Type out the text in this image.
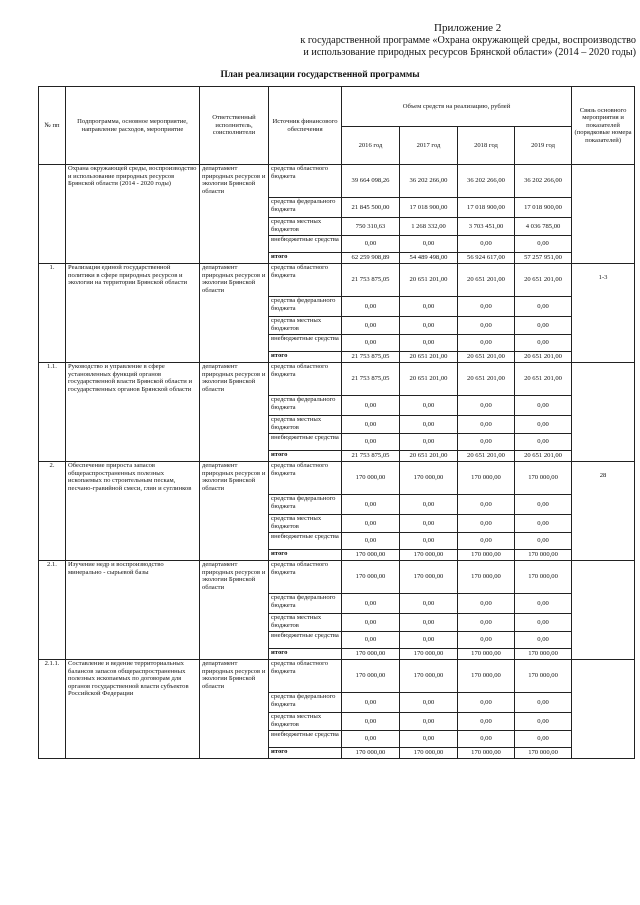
Приложение 2
к государственной программе «Охрана окружающей среды, воспроизводство
и использование природных ресурсов Брянской области» (2014 – 2020 годы)
План реализации государственной программы
№ пп	Подпрограмма, основное мероприятие, направление расходов, мероприятие	Ответственный исполнитель, соисполнители	Источник финансового обеспечения	Объем средств на реализацию, рублей				Связь основного мероприятия и показателей (порядковые номера показателей)
				2016 год	2017 год	2018 год	2019 год	
	Охрана окружающей среды, воспроизводство и использование природных ресурсов Брянской области (2014 - 2020 годы)	департамент природных ресурсов и экологии Брянской области	средства областного бюджета	39 664 098,26	36 202 266,00	36 202 266,00	36 202 266,00	
			средства федерального бюджета	21 845 500,00	17 018 900,00	17 018 900,00	17 018 900,00	
			средства местных бюджетов	750 310,63	1 268 332,00	3 703 451,00	4 036 785,00	
			внебюджетные средства	0,00	0,00	0,00	0,00	
			итого	62 259 908,89	54 489 498,00	56 924 617,00	57 257 951,00	
1.	Реализация единой государственной политики в сфере природных ресурсов и экологии на территории Брянской области	департамент природных ресурсов и экологии Брянской области	средства областного бюджета	21 753 875,05	20 651 201,00	20 651 201,00	20 651 201,00	1-3
			средства федерального бюджета	0,00	0,00	0,00	0,00	
			средства местных бюджетов	0,00	0,00	0,00	0,00	
			внебюджетные средства	0,00	0,00	0,00	0,00	
			итого	21 753 875,05	20 651 201,00	20 651 201,00	20 651 201,00	
1.1.	Руководство и управление в сфере установленных функций органов государственной власти Брянской области и государственных органов Брянской области	департамент природных ресурсов и экологии Брянской области	средства областного бюджета	21 753 875,05	20 651 201,00	20 651 201,00	20 651 201,00	
			средства федерального бюджета	0,00	0,00	0,00	0,00	
			средства местных бюджетов	0,00	0,00	0,00	0,00	
			внебюджетные средства	0,00	0,00	0,00	0,00	
			итого	21 753 875,05	20 651 201,00	20 651 201,00	20 651 201,00	
2.	Обеспечение прироста запасов общераспространенных полезных ископаемых по строительным пескам, песчано-гравийной смеси, глин и суглинков	департамент природных ресурсов и экологии Брянской области	средства областного бюджета	170 000,00	170 000,00	170 000,00	170 000,00	28
			средства федерального бюджета	0,00	0,00	0,00	0,00	
			средства местных бюджетов	0,00	0,00	0,00	0,00	
			внебюджетные средства	0,00	0,00	0,00	0,00	
			итого	170 000,00	170 000,00	170 000,00	170 000,00	
2.1.	Изучение недр и воспроизводство минерально - сырьевой базы	департамент природных ресурсов и экологии Брянской области	средства областного бюджета	170 000,00	170 000,00	170 000,00	170 000,00	
			средства федерального бюджета	0,00	0,00	0,00	0,00	
			средства местных бюджетов	0,00	0,00	0,00	0,00	
			внебюджетные средства	0,00	0,00	0,00	0,00	
			итого	170 000,00	170 000,00	170 000,00	170 000,00	
2.1.1.	Составление и ведение территориальных балансов запасов общераспространенных полезных ископаемых по договорам для органов государственной власти субъектов Российской Федерации	департамент природных ресурсов и экологии Брянской области	средства областного бюджета	170 000,00	170 000,00	170 000,00	170 000,00	
			средства федерального бюджета	0,00	0,00	0,00	0,00	
			средства местных бюджетов	0,00	0,00	0,00	0,00	
			внебюджетные средства	0,00	0,00	0,00	0,00	
			итого	170 000,00	170 000,00	170 000,00	170 000,00	
